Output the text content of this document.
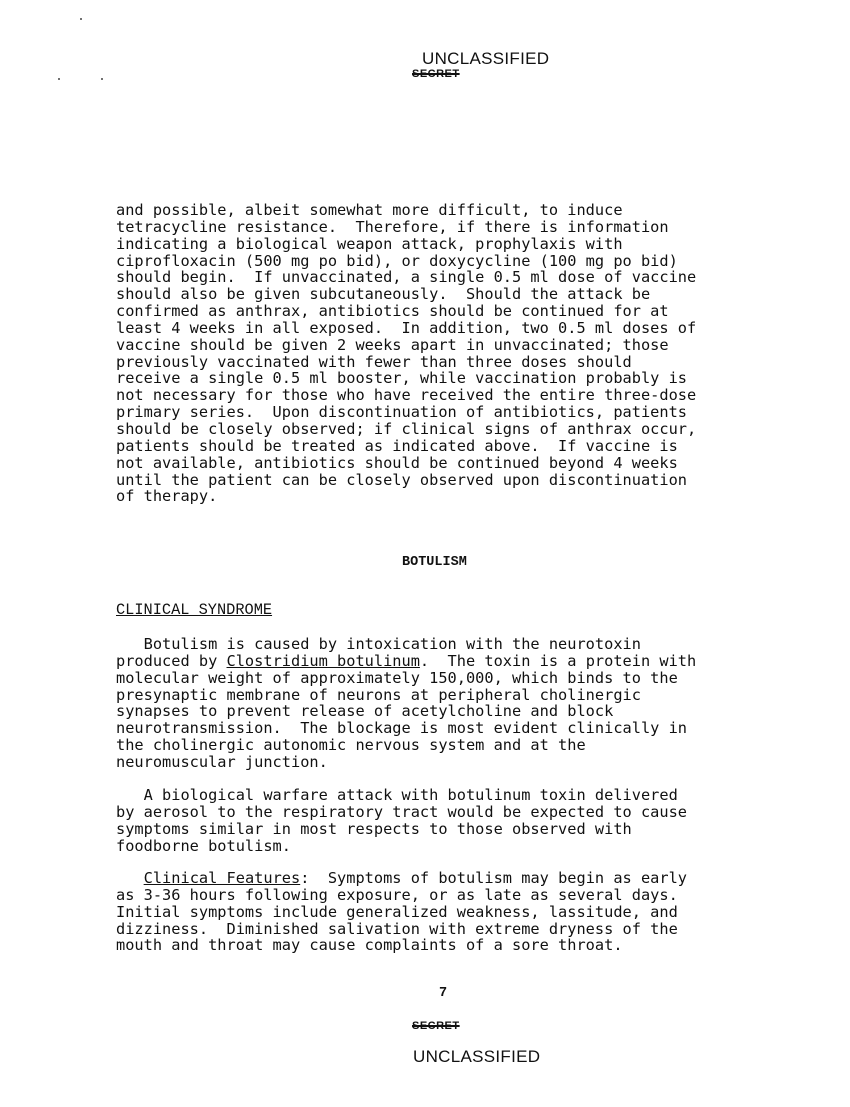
UNCLASSIFIED
SECRET
and possible, albeit somewhat more difficult, to induce
tetracycline resistance.  Therefore, if there is information
indicating a biological weapon attack, prophylaxis with
ciprofloxacin (500 mg po bid), or doxycycline (100 mg po bid)
should begin.  If unvaccinated, a single 0.5 ml dose of vaccine
should also be given subcutaneously.  Should the attack be
confirmed as anthrax, antibiotics should be continued for at
least 4 weeks in all exposed.  In addition, two 0.5 ml doses of
vaccine should be given 2 weeks apart in unvaccinated; those
previously vaccinated with fewer than three doses should
receive a single 0.5 ml booster, while vaccination probably is
not necessary for those who have received the entire three-dose
primary series.  Upon discontinuation of antibiotics, patients
should be closely observed; if clinical signs of anthrax occur,
patients should be treated as indicated above.  If vaccine is
not available, antibiotics should be continued beyond 4 weeks
until the patient can be closely observed upon discontinuation
of therapy.
BOTULISM
CLINICAL SYNDROME
Botulism is caused by intoxication with the neurotoxin
produced by Clostridium botulinum.  The toxin is a protein with
molecular weight of approximately 150,000, which binds to the
presynaptic membrane of neurons at peripheral cholinergic
synapses to prevent release of acetylcholine and block
neurotransmission.  The blockage is most evident clinically in
the cholinergic autonomic nervous system and at the
neuromuscular junction.
A biological warfare attack with botulinum toxin delivered
by aerosol to the respiratory tract would be expected to cause
symptoms similar in most respects to those observed with
foodborne botulism.
Clinical Features:  Symptoms of botulism may begin as early
as 3-36 hours following exposure, or as late as several days.
Initial symptoms include generalized weakness, lassitude, and
dizziness.  Diminished salivation with extreme dryness of the
mouth and throat may cause complaints of a sore throat.
7
SECRET
UNCLASSIFIED
